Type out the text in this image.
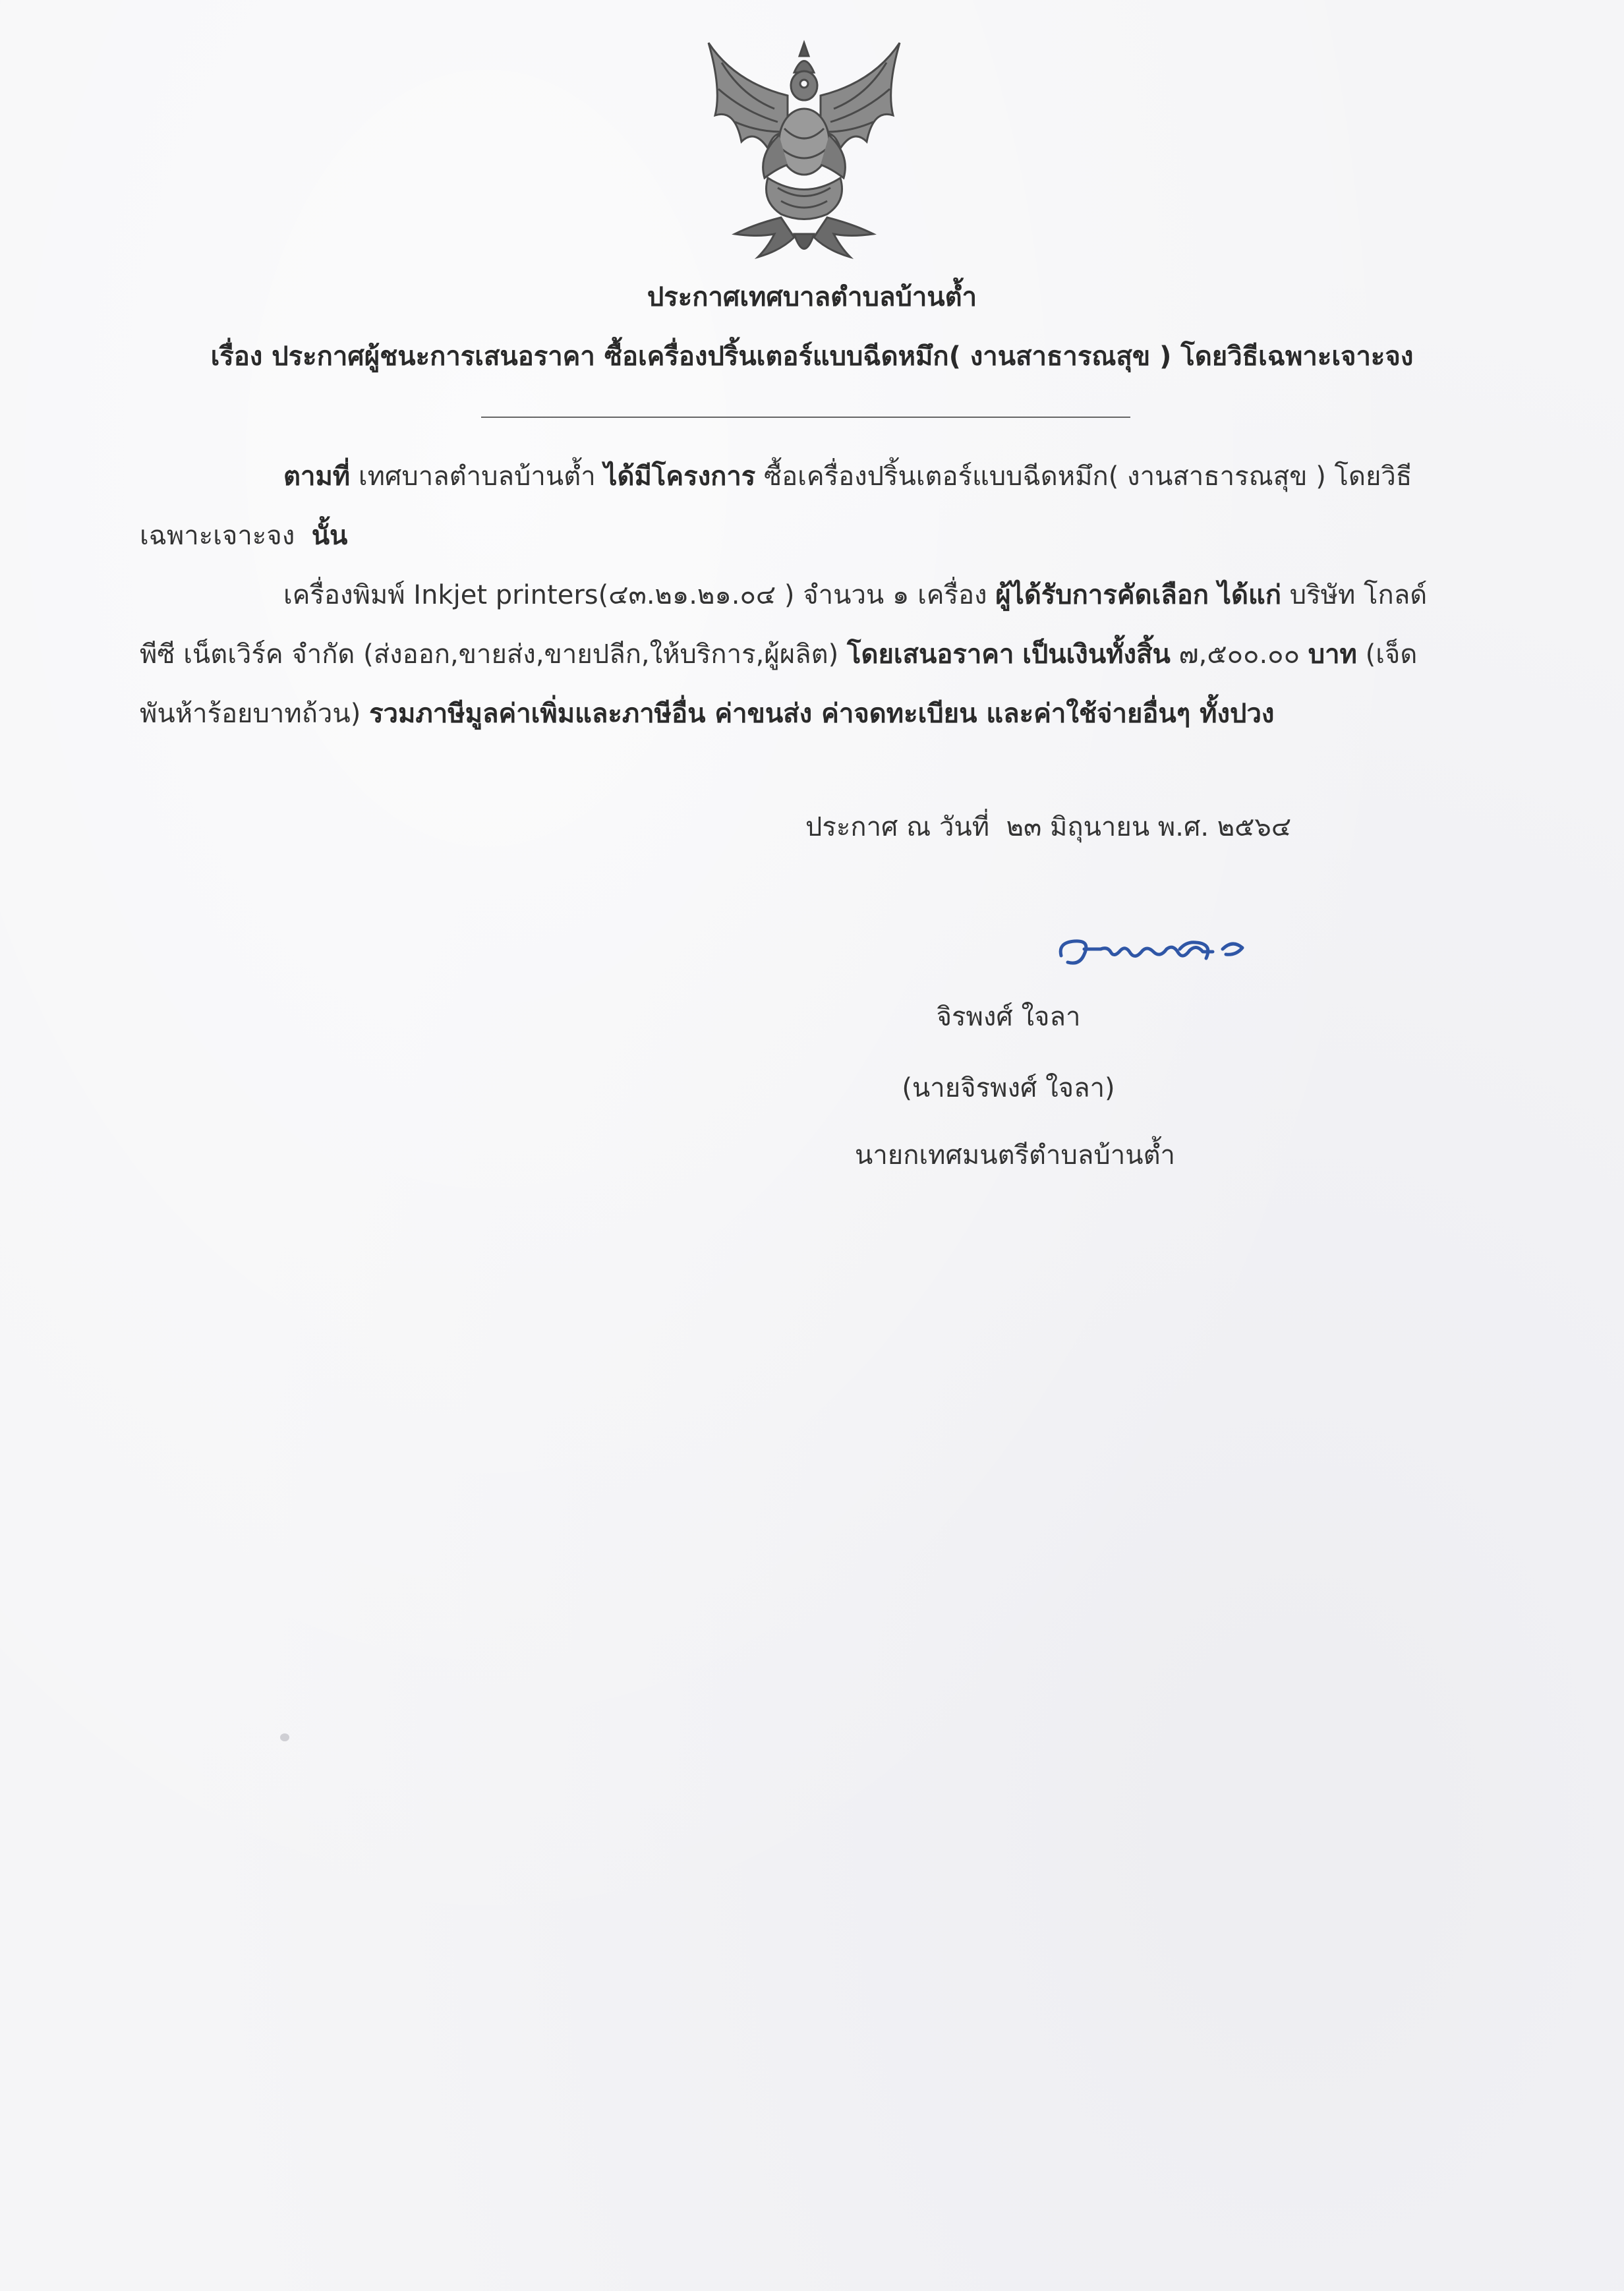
ประกาศเทศบาลตำบลบ้านต้ำ
เรื่อง ประกาศผู้ชนะการเสนอราคา ซื้อเครื่องปริ้นเตอร์แบบฉีดหมึก( งานสาธารณสุข ) โดยวิธีเฉพาะเจาะจง
ตามที่ เทศบาลตำบลบ้านต้ำ ได้มีโครงการ ซื้อเครื่องปริ้นเตอร์แบบฉีดหมึก( งานสาธารณสุข ) โดยวิธี
เฉพาะเจาะจง นั้น
เครื่องพิมพ์ Inkjet printers(๔๓.๒๑.๒๑.๐๔ ) จำนวน ๑ เครื่อง ผู้ได้รับการคัดเลือก ได้แก่ บริษัท โกลด์
พีซี เน็ตเวิร์ค จำกัด (ส่งออก,ขายส่ง,ขายปลีก,ให้บริการ,ผู้ผลิต) โดยเสนอราคา เป็นเงินทั้งสิ้น ๗,๕๐๐.๐๐ บาท (เจ็ด
พันห้าร้อยบาทถ้วน) รวมภาษีมูลค่าเพิ่มและภาษีอื่น ค่าขนส่ง ค่าจดทะเบียน และค่าใช้จ่ายอื่นๆ ทั้งปวง
ประกาศ ณ วันที่ ๒๓ มิถุนายน พ.ศ. ๒๕๖๔
จิรพงศ์ ใจลา
(นายจิรพงศ์ ใจลา)
นายกเทศมนตรีตำบลบ้านต้ำ
